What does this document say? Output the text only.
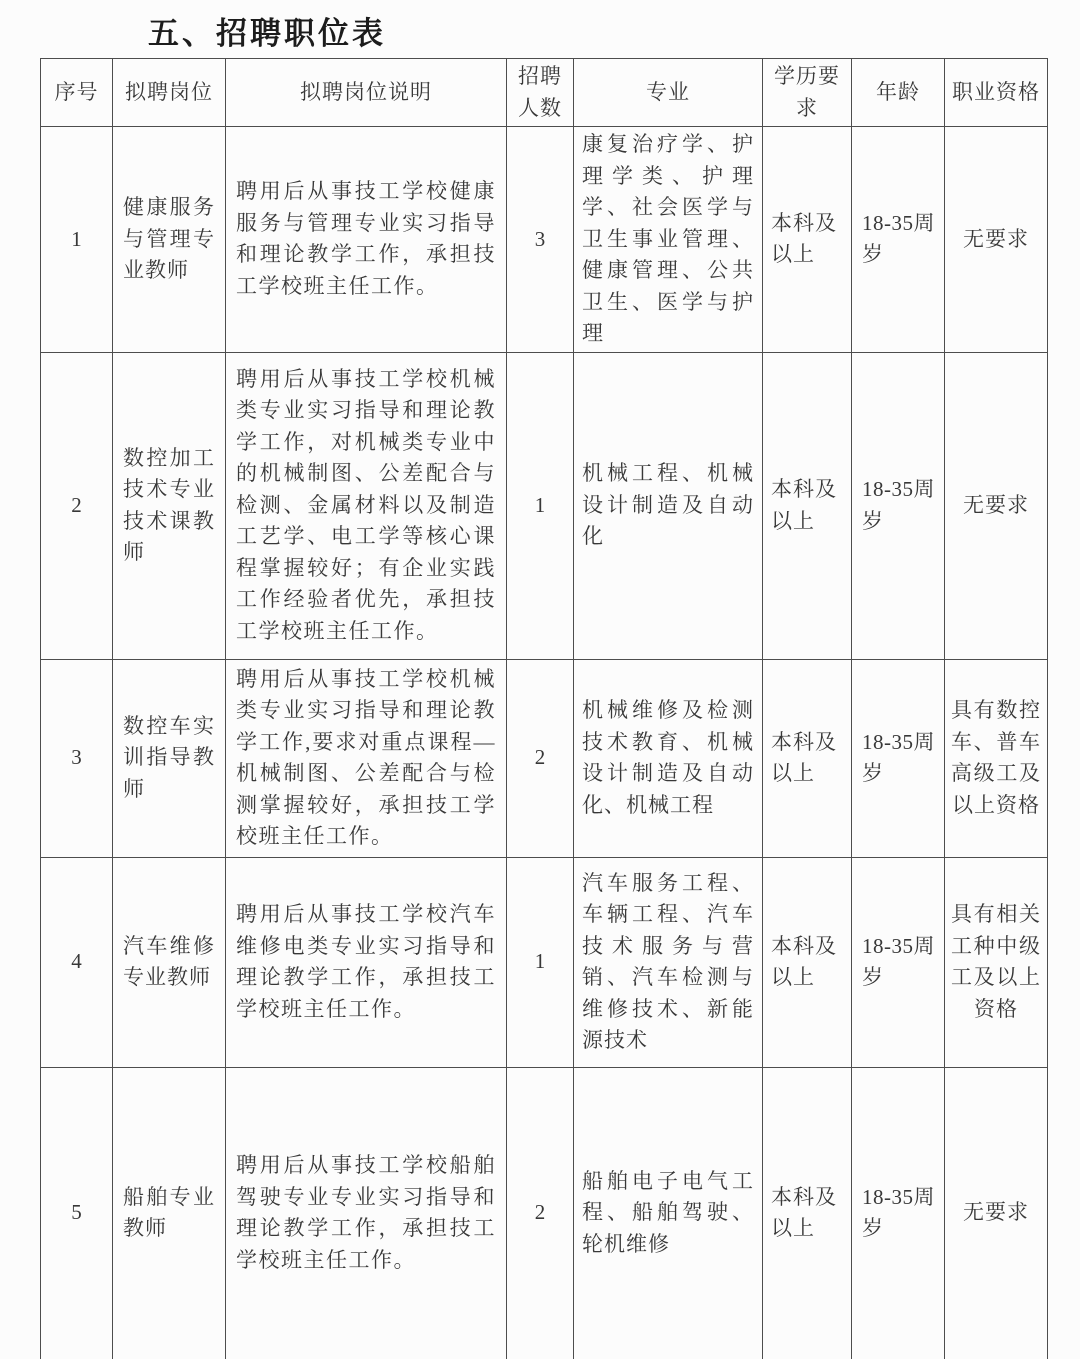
五、招聘职位表
序号	拟聘岗位	拟聘岗位说明	招聘人数	专业	学历要求	年龄	职业资格
1	健康服务与管理专业教师	聘用后从事技工学校健康服务与管理专业实习指导和理论教学工作，承担技工学校班主任工作。	3	康复治疗学、护理学类、护理学、社会医学与卫生事业管理、健康管理、公共卫生、医学与护理	本科及以上	18-35周岁	无要求
2	数控加工技术专业技术课教师	聘用后从事技工学校机械类专业实习指导和理论教学工作，对机械类专业中的机械制图、公差配合与检测、金属材料以及制造工艺学、电工学等核心课程掌握较好；有企业实践工作经验者优先，承担技工学校班主任工作。	1	机械工程、机械设计制造及自动化	本科及以上	18-35周岁	无要求
3	数控车实训指导教师	聘用后从事技工学校机械类专业实习指导和理论教学工作,要求对重点课程—机械制图、公差配合与检测掌握较好，承担技工学校班主任工作。	2	机械维修及检测技术教育、机械设计制造及自动化、机械工程	本科及以上	18-35周岁	具有数控车、普车高级工及以上资格
4	汽车维修专业教师	聘用后从事技工学校汽车维修电类专业实习指导和理论教学工作，承担技工学校班主任工作。	1	汽车服务工程、车辆工程、汽车技术服务与营销、汽车检测与维修技术、新能源技术	本科及以上	18-35周岁	具有相关工种中级工及以上资格
5	船舶专业教师	聘用后从事技工学校船舶驾驶专业专业实习指导和理论教学工作，承担技工学校班主任工作。	2	船舶电子电气工程、船舶驾驶、轮机维修	本科及以上	18-35周岁	无要求
